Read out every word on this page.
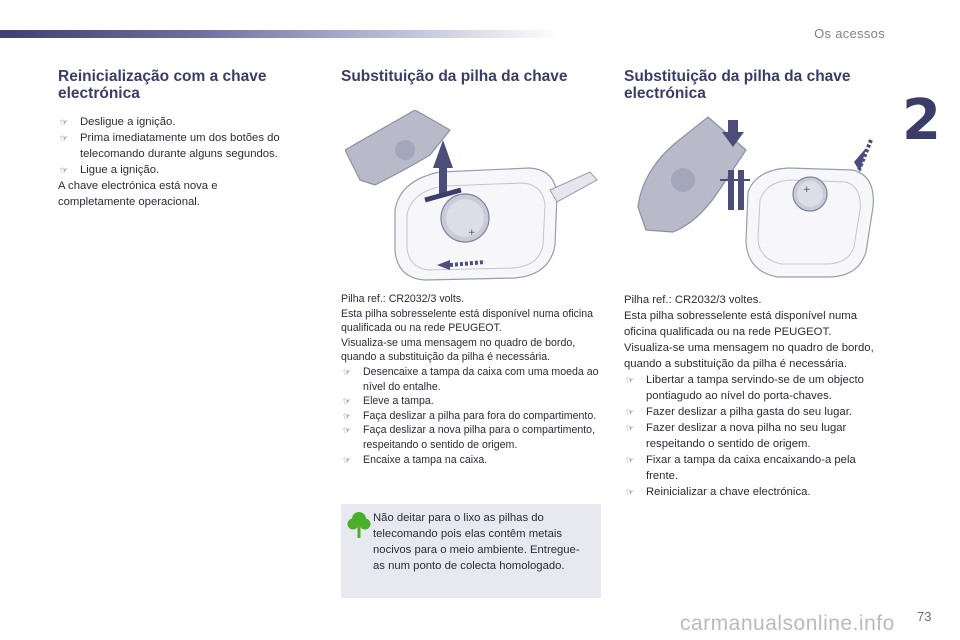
Os acessos
2
Reinicialização com a chave electrónica
☞ Desligue a ignição.
☞ Prima imediatamente um dos botões do telecomando durante alguns segundos.
☞ Ligue a ignição.
A chave electrónica está nova e completamente operacional.
Substituição da pilha da chave
+
Pilha ref.: CR2032/3 volts.
Esta pilha sobresselente está disponível numa oficina qualificada ou na rede PEUGEOT.
Visualiza-se uma mensagem no quadro de bordo, quando a substituição da pilha é necessária.
☞ Desencaixe a tampa da caixa com uma moeda ao nível do entalhe.
☞ Eleve a tampa.
☞ Faça deslizar a pilha para fora do compartimento.
☞ Faça deslizar a nova pilha para o compartimento, respeitando o sentido de origem.
☞ Encaixe a tampa na caixa.
Não deitar para o lixo as pilhas do telecomando pois elas contêm metais nocivos para o meio ambiente. Entregue-as num ponto de colecta homologado.
Substituição da pilha da chave electrónica
+
Pilha ref.: CR2032/3 voltes.
Esta pilha sobresselente está disponível numa oficina qualificada ou na rede PEUGEOT.
Visualiza-se uma mensagem no quadro de bordo, quando a substituição da pilha é necessária.
☞ Libertar a tampa servindo-se de um objecto pontiagudo ao nível do porta-chaves.
☞ Fazer deslizar a pilha gasta do seu lugar.
☞ Fazer deslizar a nova pilha no seu lugar respeitando o sentido de origem.
☞ Fixar a tampa da caixa encaixando-a pela frente.
☞ Reinicializar a chave electrónica.
carmanualsonline.info 73
